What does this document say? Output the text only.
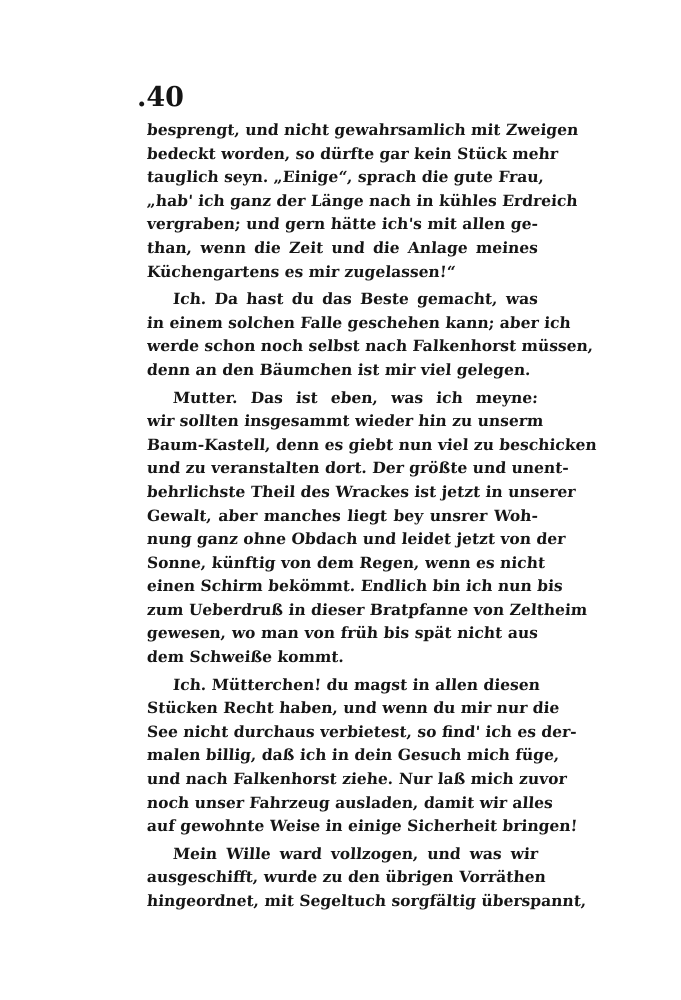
.40
besprengt, und nicht gewahrsamlich mit Zweigen
bedeckt worden, so dürfte gar kein Stück mehr
tauglich seyn. „Einige“, sprach die gute Frau,
„hab' ich ganz der Länge nach in kühles Erdreich
vergraben; und gern hätte ich's mit allen ge-
than, wenn die Zeit und die Anlage meines
Küchengartens es mir zugelassen!“
Ich. Da hast du das Beste gemacht, was
in einem solchen Falle geschehen kann; aber ich
werde schon noch selbst nach Falkenhorst müssen,
denn an den Bäumchen ist mir viel gelegen.
Mutter. Das ist eben, was ich meyne:
wir sollten insgesammt wieder hin zu unserm
Baum-Kastell, denn es giebt nun viel zu beschicken
und zu veranstalten dort. Der größte und unent-
behrlichste Theil des Wrackes ist jetzt in unserer
Gewalt, aber manches liegt bey unsrer Woh-
nung ganz ohne Obdach und leidet jetzt von der
Sonne, künftig von dem Regen, wenn es nicht
einen Schirm bekömmt. Endlich bin ich nun bis
zum Ueberdruß in dieser Bratpfanne von Zeltheim
gewesen, wo man von früh bis spät nicht aus
dem Schweiße kommt.
Ich. Mütterchen! du magst in allen diesen
Stücken Recht haben, und wenn du mir nur die
See nicht durchaus verbietest, so find' ich es der-
malen billig, daß ich in dein Gesuch mich füge,
und nach Falkenhorst ziehe. Nur laß mich zuvor
noch unser Fahrzeug ausladen, damit wir alles
auf gewohnte Weise in einige Sicherheit bringen!
Mein Wille ward vollzogen, und was wir
ausgeschifft, wurde zu den übrigen Vorräthen
hingeordnet, mit Segeltuch sorgfältig überspannt,
